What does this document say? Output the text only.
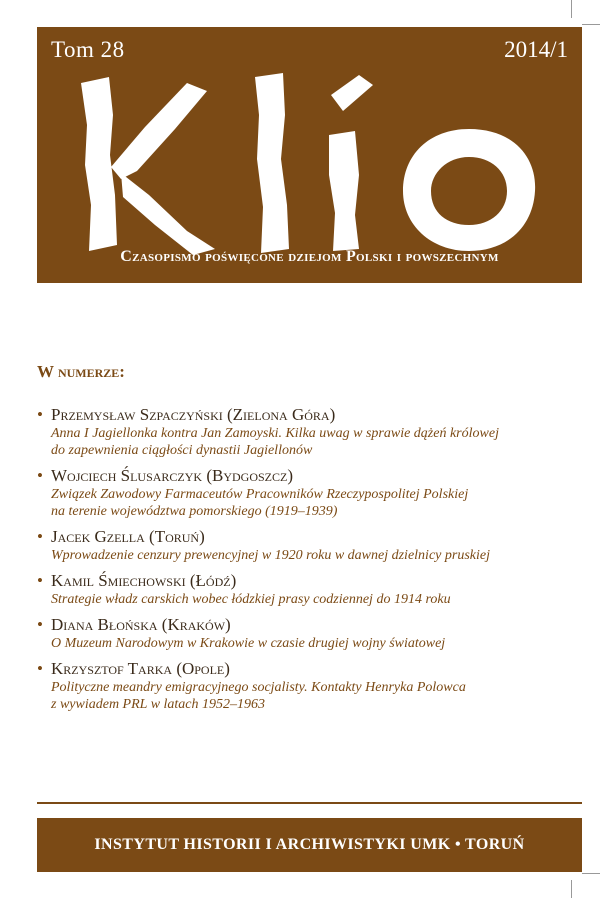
Tom 28	2014/1
Czasopismo poświęcone dziejom Polski i powszechnym
W numerze:
• Przemysław Szpaczyński (Zielona Góra)
Anna I Jagiellonka kontra Jan Zamoyski. Kilka uwag w sprawie dążeń królowej
do zapewnienia ciągłości dynastii Jagiellonów
• Wojciech Ślusarczyk (Bydgoszcz)
Związek Zawodowy Farmaceutów Pracowników Rzeczypospolitej Polskiej
na terenie województwa pomorskiego (1919–1939)
• Jacek Gzella (Toruń)
Wprowadzenie cenzury prewencyjnej w 1920 roku w dawnej dzielnicy pruskiej
• Kamil Śmiechowski (Łódź)
Strategie władz carskich wobec łódzkiej prasy codziennej do 1914 roku
• Diana Błońska (Kraków)
O Muzeum Narodowym w Krakowie w czasie drugiej wojny światowej
• Krzysztof Tarka (Opole)
Polityczne meandry emigracyjnego socjalisty. Kontakty Henryka Polowca
z wywiadem PRL w latach 1952–1963
INSTYTUT HISTORII I ARCHIWISTYKI UMK • TORUŃ
